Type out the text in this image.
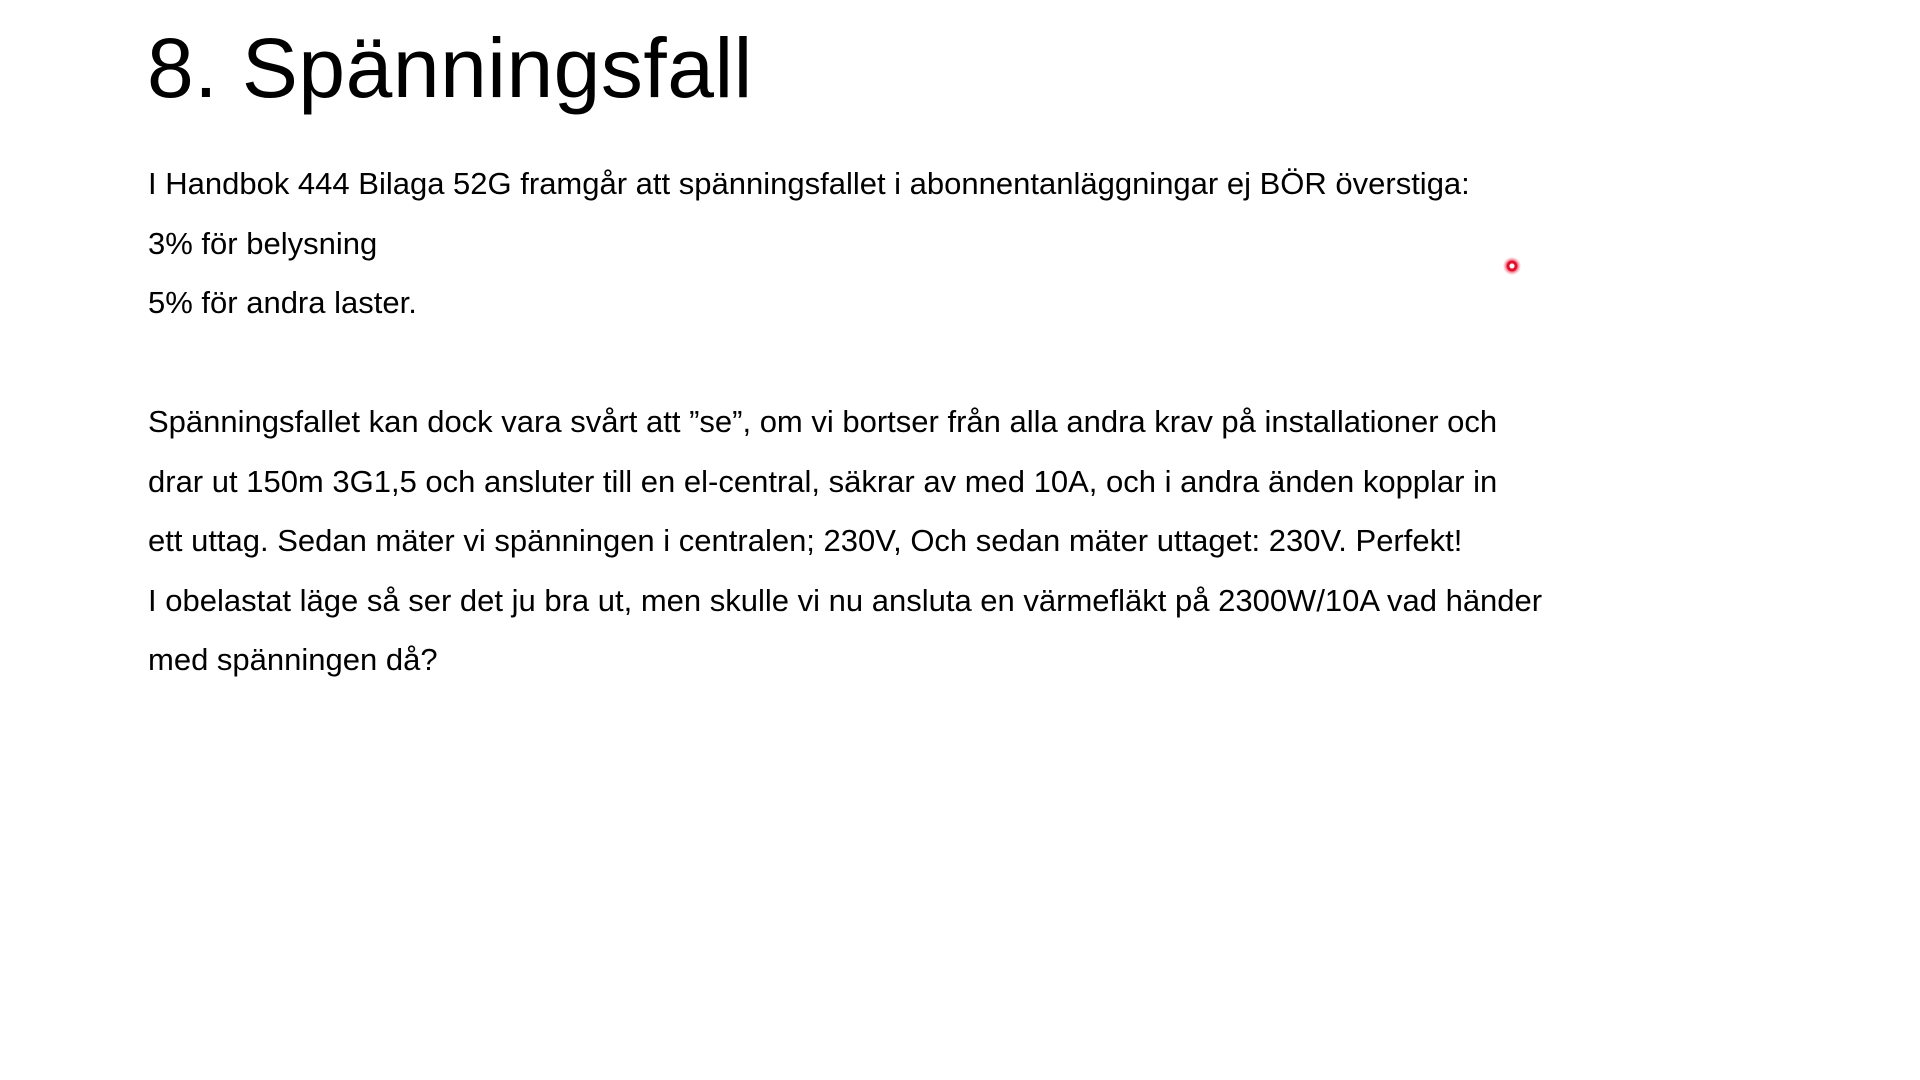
8. Spänningsfall
I Handbok 444 Bilaga 52G framgår att spänningsfallet i abonnentanläggningar ej BÖR överstiga:
3% för belysning
5% för andra laster.
Spänningsfallet kan dock vara svårt att ”se”, om vi bortser från alla andra krav på installationer och
drar ut 150m 3G1,5 och ansluter till en el-central, säkrar av med 10A, och i andra änden kopplar in
ett uttag. Sedan mäter vi spänningen i centralen; 230V, Och sedan mäter uttaget: 230V. Perfekt!
I obelastat läge så ser det ju bra ut, men skulle vi nu ansluta en värmefläkt på 2300W/10A vad händer
med spänningen då?
